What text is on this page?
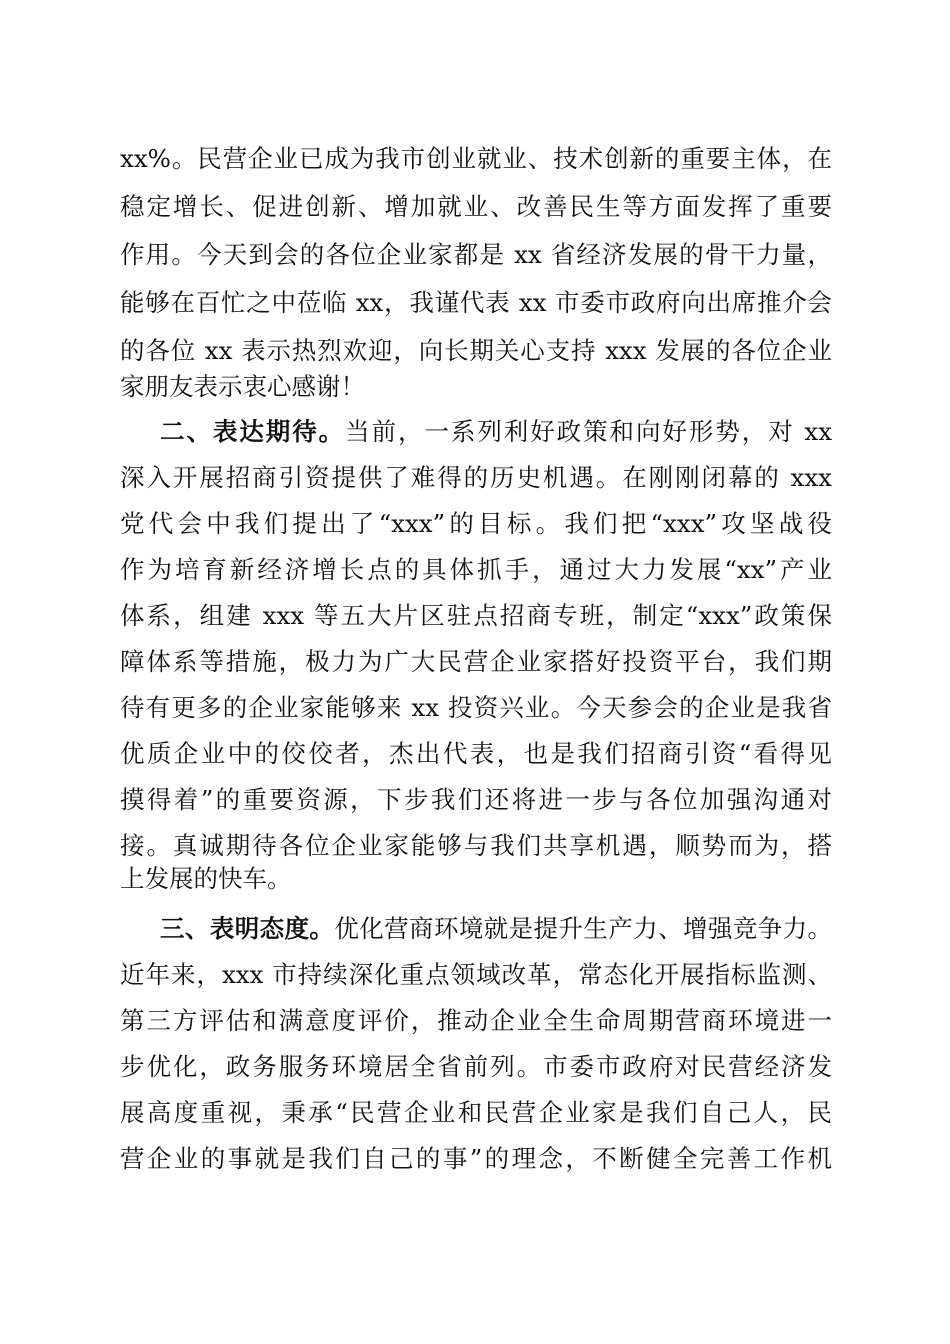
xx%。民营企业已成为我市创业就业、技术创新的重要主体，在
稳定增长、促进创新、增加就业、改善民生等方面发挥了重要
作用。今天到会的各位企业家都是 xx 省经济发展的骨干力量，
能够在百忙之中莅临 xx，我谨代表 xx 市委市政府向出席推介会
的各位 xx 表示热烈欢迎，向长期关心支持 xxx 发展的各位企业
家朋友表示衷心感谢！
二、表达期待。当前，一系列利好政策和向好形势，对 xx
深入开展招商引资提供了难得的历史机遇。在刚刚闭幕的 xxx
党代会中我们提出了“xxx”的目标。我们把“xxx”攻坚战役
作为培育新经济增长点的具体抓手，通过大力发展“xx”产业
体系，组建 xxx 等五大片区驻点招商专班，制定“xxx”政策保
障体系等措施，极力为广大民营企业家搭好投资平台，我们期
待有更多的企业家能够来 xx 投资兴业。今天参会的企业是我省
优质企业中的佼佼者，杰出代表，也是我们招商引资“看得见
摸得着”的重要资源，下步我们还将进一步与各位加强沟通对
接。真诚期待各位企业家能够与我们共享机遇，顺势而为，搭
上发展的快车。
三、表明态度。优化营商环境就是提升生产力、增强竞争力。
近年来，xxx 市持续深化重点领域改革，常态化开展指标监测、
第三方评估和满意度评价，推动企业全生命周期营商环境进一
步优化，政务服务环境居全省前列。市委市政府对民营经济发
展高度重视，秉承“民营企业和民营企业家是我们自己人，民
营企业的事就是我们自己的事”的理念，不断健全完善工作机
